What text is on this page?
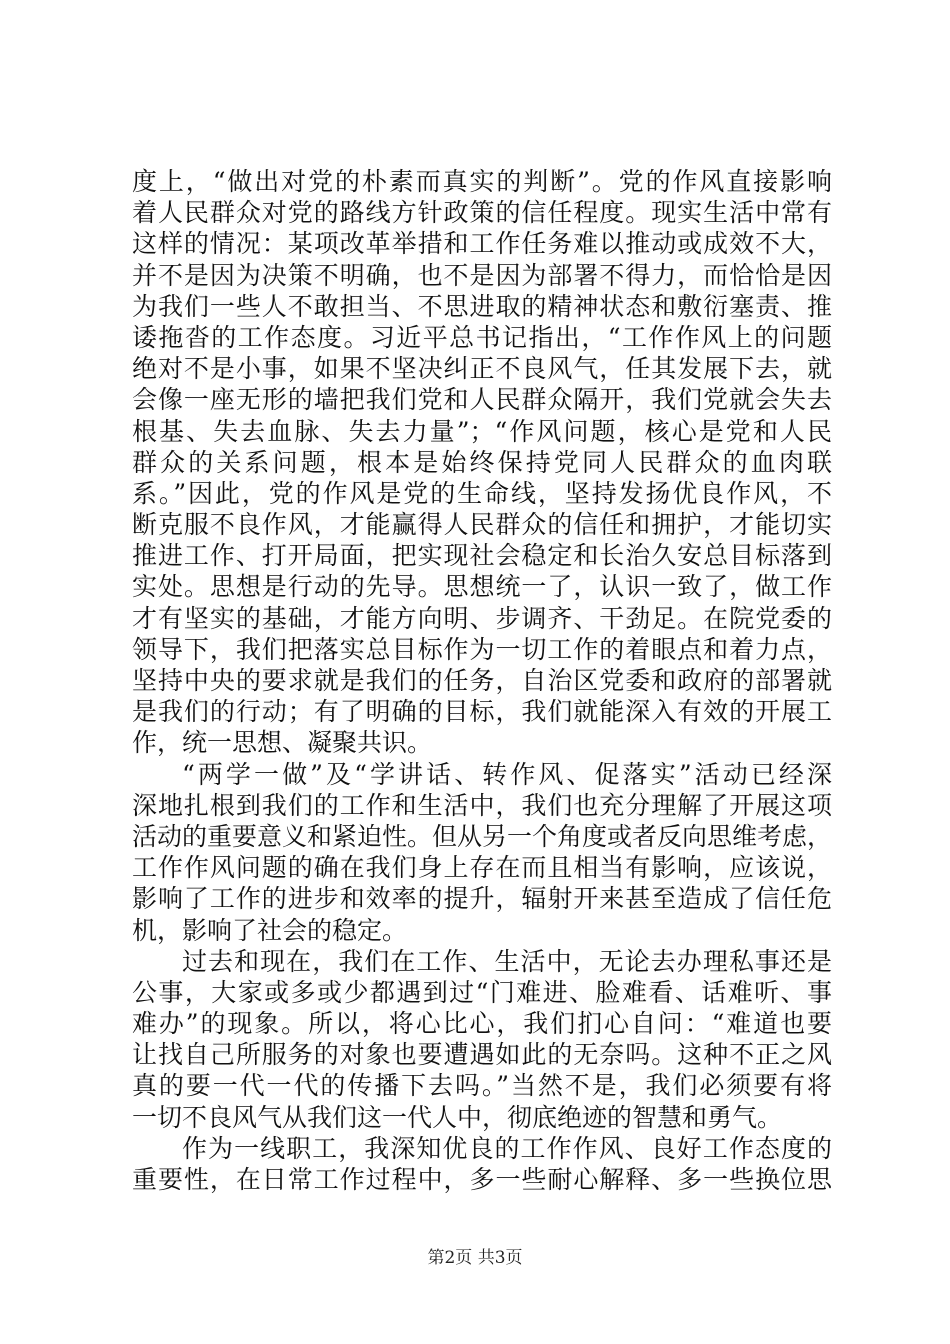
度上，“做出对党的朴素而真实的判断”。党的作风直接影响
着人民群众对党的路线方针政策的信任程度。现实生活中常有
这样的情况：某项改革举措和工作任务难以推动或成效不大，
并不是因为决策不明确，也不是因为部署不得力，而恰恰是因
为我们一些人不敢担当、不思进取的精神状态和敷衍塞责、推
诿拖沓的工作态度。习近平总书记指出，“工作作风上的问题
绝对不是小事，如果不坚决纠正不良风气，任其发展下去，就
会像一座无形的墙把我们党和人民群众隔开，我们党就会失去
根基、失去血脉、失去力量”；“作风问题，核心是党和人民
群众的关系问题，根本是始终保持党同人民群众的血肉联
系。”因此，党的作风是党的生命线，坚持发扬优良作风，不
断克服不良作风，才能赢得人民群众的信任和拥护，才能切实
推进工作、打开局面，把实现社会稳定和长治久安总目标落到
实处。思想是行动的先导。思想统一了，认识一致了，做工作
才有坚实的基础，才能方向明、步调齐、干劲足。在院党委的
领导下，我们把落实总目标作为一切工作的着眼点和着力点，
坚持中央的要求就是我们的任务，自治区党委和政府的部署就
是我们的行动；有了明确的目标，我们就能深入有效的开展工
作，统一思想、凝聚共识。
“两学一做”及“学讲话、转作风、促落实”活动已经深
深地扎根到我们的工作和生活中，我们也充分理解了开展这项
活动的重要意义和紧迫性。但从另一个角度或者反向思维考虑，
工作作风问题的确在我们身上存在而且相当有影响，应该说，
影响了工作的进步和效率的提升，辐射开来甚至造成了信任危
机，影响了社会的稳定。
过去和现在，我们在工作、生活中，无论去办理私事还是
公事，大家或多或少都遇到过“门难进、脸难看、话难听、事
难办”的现象。所以，将心比心，我们扪心自问：“难道也要
让找自己所服务的对象也要遭遇如此的无奈吗。这种不正之风
真的要一代一代的传播下去吗。”当然不是，我们必须要有将
一切不良风气从我们这一代人中，彻底绝迹的智慧和勇气。
作为一线职工，我深知优良的工作作风、良好工作态度的
重要性，在日常工作过程中，多一些耐心解释、多一些换位思
第2页 共3页
